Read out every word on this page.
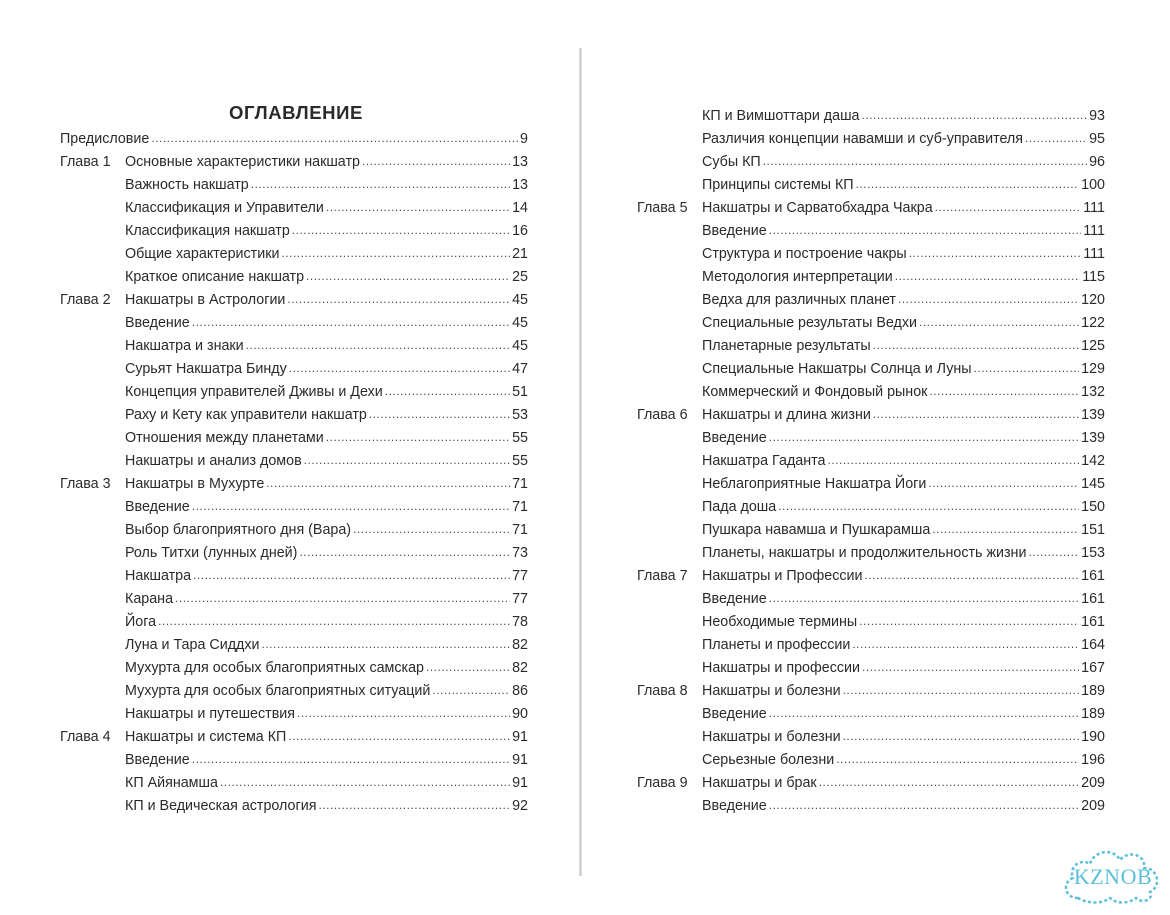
ОГЛАВЛЕНИЕ
Предисловие .....	9
Глава 1	Основные характеристики накшатр .....	13
Важность накшатр .....	13
Классификация и Управители .....	14
Классификация накшатр .....	16
Общие характеристики .....	21
Краткое описание накшатр .....	25
Глава 2	Накшатры в Астрологии .....	45
Введение .....	45
Накшатра и знаки .....	45
Сурьят Накшатра Бинду .....	47
Концепция управителей Дживы и Дехи .....	51
Раху и Кету как управители накшатр .....	53
Отношения между планетами .....	55
Накшатры и анализ домов .....	55
Глава 3	Накшатры в Мухурте .....	71
Введение .....	71
Выбор благоприятного дня (Вара) .....	71
Роль Титхи (лунных дней) .....	73
Накшатра .....	77
Карана .....	77
Йога .....	78
Луна и Тара Сиддхи .....	82
Мухурта для особых благоприятных самскар .....	82
Мухурта для особых благоприятных ситуаций .....	86
Накшатры и путешествия .....	90
Глава 4	Накшатры и система КП .....	91
Введение .....	91
КП Айянамша .....	91
КП и Ведическая астрология .....	92
КП и Вимшоттари даша .....	93
Различия концепции навамши и суб-управителя .....	95
Субы КП .....	96
Принципы системы КП .....	100
Глава 5	Накшатры и Сарватобхадра Чакра .....	111
Введение .....	111
Структура и построение чакры .....	111
Методология интерпретации .....	115
Ведха для различных планет .....	120
Специальные результаты Ведхи .....	122
Планетарные результаты .....	125
Специальные Накшатры Солнца и Луны .....	129
Коммерческий и Фондовый рынок .....	132
Глава 6	Накшатры и длина жизни .....	139
Введение .....	139
Накшатра Гаданта .....	142
Неблагоприятные Накшатра Йоги .....	145
Пада доша .....	150
Пушкара навамша и Пушкарамша .....	151
Планеты, накшатры и продолжительность жизни .....	153
Глава 7	Накшатры и Профессии .....	161
Введение .....	161
Необходимые термины .....	161
Планеты и профессии .....	164
Накшатры и профессии .....	167
Глава 8	Накшатры и болезни .....	189
Введение .....	189
Накшатры и болезни .....	190
Серьезные болезни .....	196
Глава 9	Накшатры и брак .....	209
Введение .....	209
KZNOB
